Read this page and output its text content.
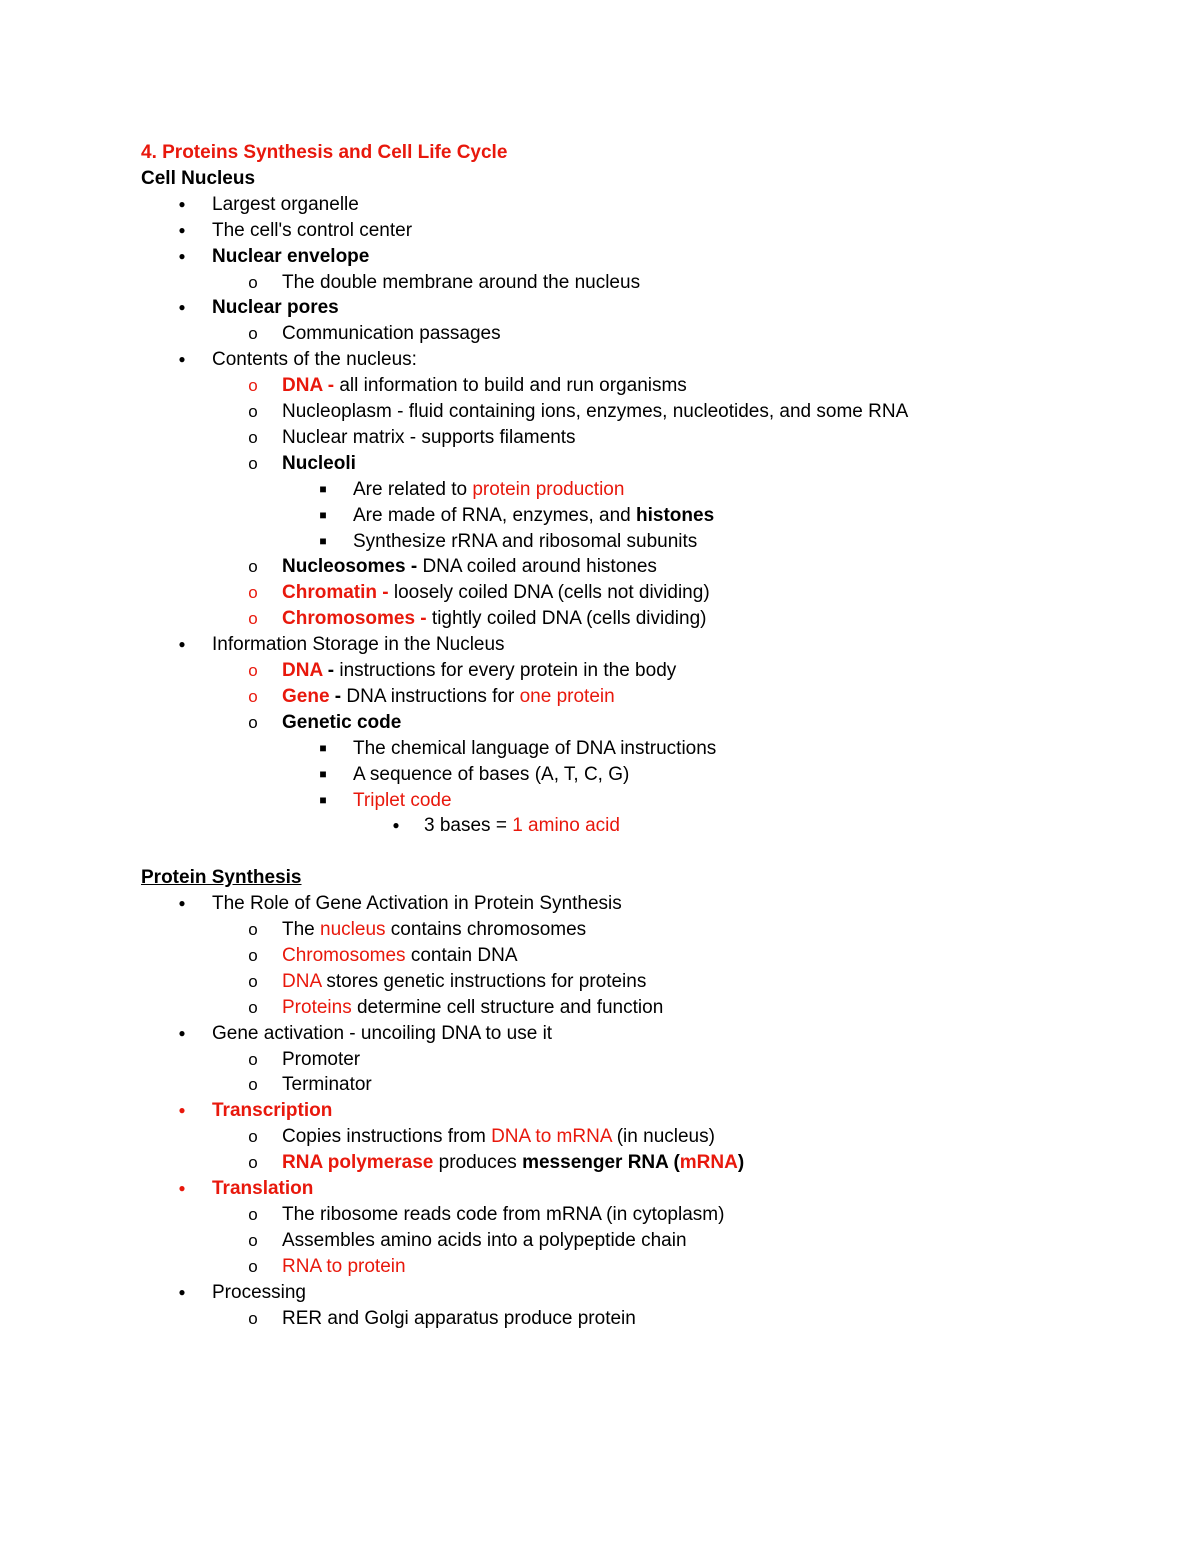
4. Proteins Synthesis and Cell Life Cycle
Cell Nucleus
●
Largest organelle
●
The cell's control center
●
Nuclear envelope
o
The double membrane around the nucleus
●
Nuclear pores
o
Communication passages
●
Contents of the nucleus:
o
DNA - all information to build and run organisms
o
Nucleoplasm - fluid containing ions, enzymes, nucleotides, and some RNA
o
Nuclear matrix - supports filaments
o
Nucleoli
■
Are related to protein production
■
Are made of RNA, enzymes, and histones
■
Synthesize rRNA and ribosomal subunits
o
Nucleosomes - DNA coiled around histones
o
Chromatin - loosely coiled DNA (cells not dividing)
o
Chromosomes - tightly coiled DNA (cells dividing)
●
Information Storage in the Nucleus
o
DNA - instructions for every protein in the body
o
Gene - DNA instructions for one protein
o
Genetic code
■
The chemical language of DNA instructions
■
A sequence of bases (A, T, C, G)
■
Triplet code
●
3 bases = 1 amino acid
Protein Synthesis
●
The Role of Gene Activation in Protein Synthesis
o
The nucleus contains chromosomes
o
Chromosomes contain DNA
o
DNA stores genetic instructions for proteins
o
Proteins determine cell structure and function
●
Gene activation - uncoiling DNA to use it
o
Promoter
o
Terminator
●
Transcription
o
Copies instructions from DNA to mRNA (in nucleus)
o
RNA polymerase produces messenger RNA (mRNA)
●
Translation
o
The ribosome reads code from mRNA (in cytoplasm)
o
Assembles amino acids into a polypeptide chain
o
RNA to protein
●
Processing
o
RER and Golgi apparatus produce protein
